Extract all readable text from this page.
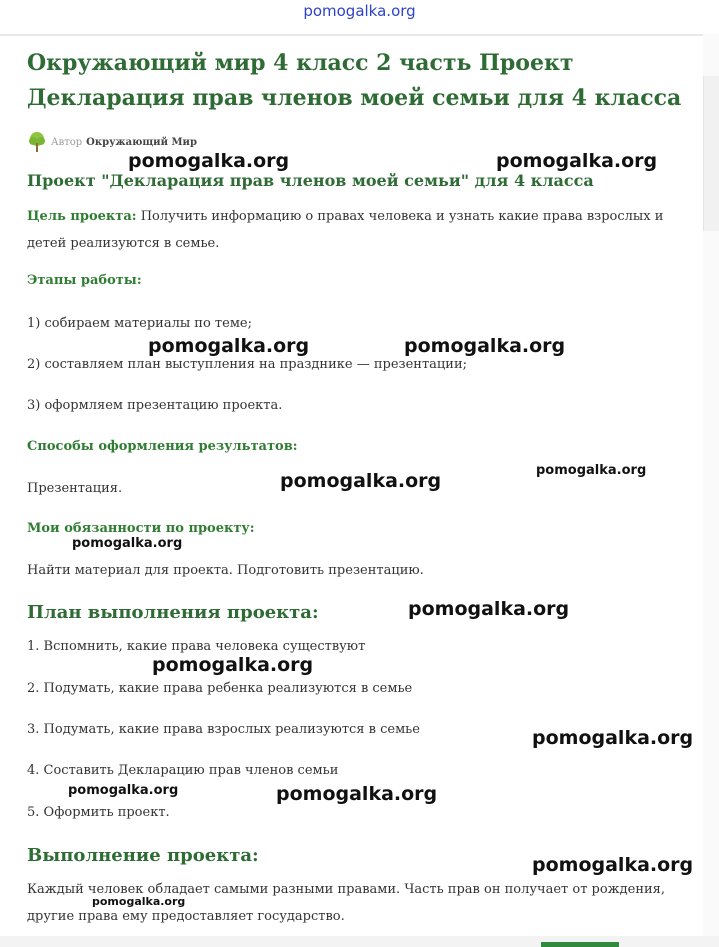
pomogalka.org
Окружающий мир 4 класс 2 часть Проект Декларация прав членов моей семьи для 4 класса
Автор Окружающий Мир
Проект "Декларация прав членов моей семьи" для 4 класса
Цель проекта: Получить информацию о правах человека и узнать какие права взрослых и детей реализуются в семье.
Этапы работы:
1) собираем материалы по теме;
2) составляем план выступления на празднике — презентации;
3) оформляем презентацию проекта.
Способы оформления результатов:
Презентация.
Мои обязанности по проекту:
Найти материал для проекта. Подготовить презентацию.
План выполнения проекта:
1. Вспомнить, какие права человека существуют
2. Подумать, какие права ребенка реализуются в семье
3. Подумать, какие права взрослых реализуются в семье
4. Составить Декларацию прав членов семьи
5. Оформить проект.
Выполнение проекта:
Каждый человек обладает самыми разными правами. Часть прав он получает от рождения, другие права ему предоставляет государство.
pomogalka.org	pomogalka.org
pomogalka.org	pomogalka.org
pomogalka.org
pomogalka.org
pomogalka.org
pomogalka.org
pomogalka.org
pomogalka.org
pomogalka.org	pomogalka.org
pomogalka.org
pomogalka.org
